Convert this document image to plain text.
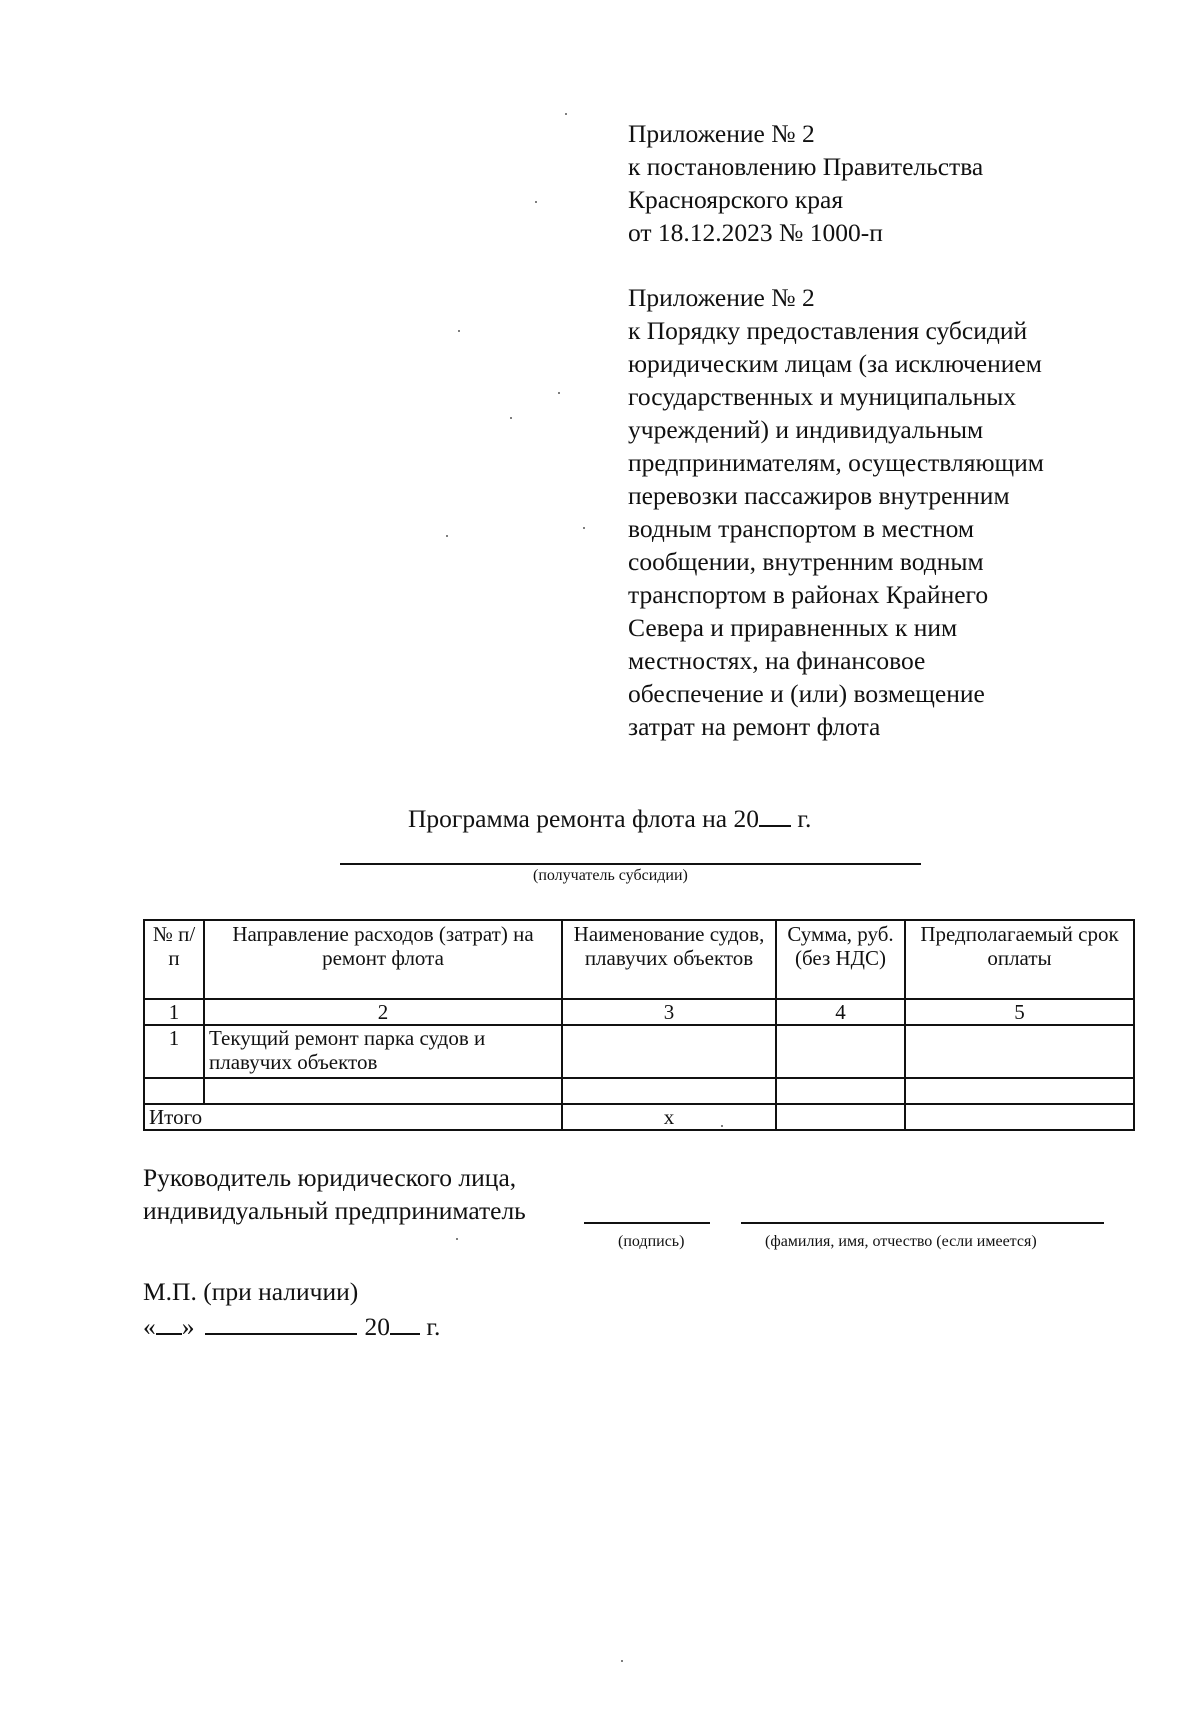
Приложение № 2
к постановлению Правительства
Красноярского края
от 18.12.2023 № 1000-п
Приложение № 2
к Порядку предоставления субсидий
юридическим лицам (за исключением
государственных и муниципальных
учреждений) и индивидуальным
предпринимателям, осуществляющим
перевозки пассажиров внутренним
водным транспортом в местном
сообщении, внутренним водным
транспортом в районах Крайнего
Севера и приравненных к ним
местностях, на финансовое
обеспечение и (или) возмещение
затрат на ремонт флота
Программа ремонта флота на 20 г.
(получатель субсидии)
№ п/п	Направление расходов (затрат) на ремонт флота	Наименование судов, плавучих объектов	Сумма, руб. (без НДС)	Предполагаемый срок оплаты
1	2	3	4	5
1	Текущий ремонт парка судов и плавучих объектов			

Итого		x		
Руководитель юридического лица,
индивидуальный предприниматель
(подпись)	(фамилия, имя, отчество (если имеется)
М.П. (при наличии)
« »	20 г.
